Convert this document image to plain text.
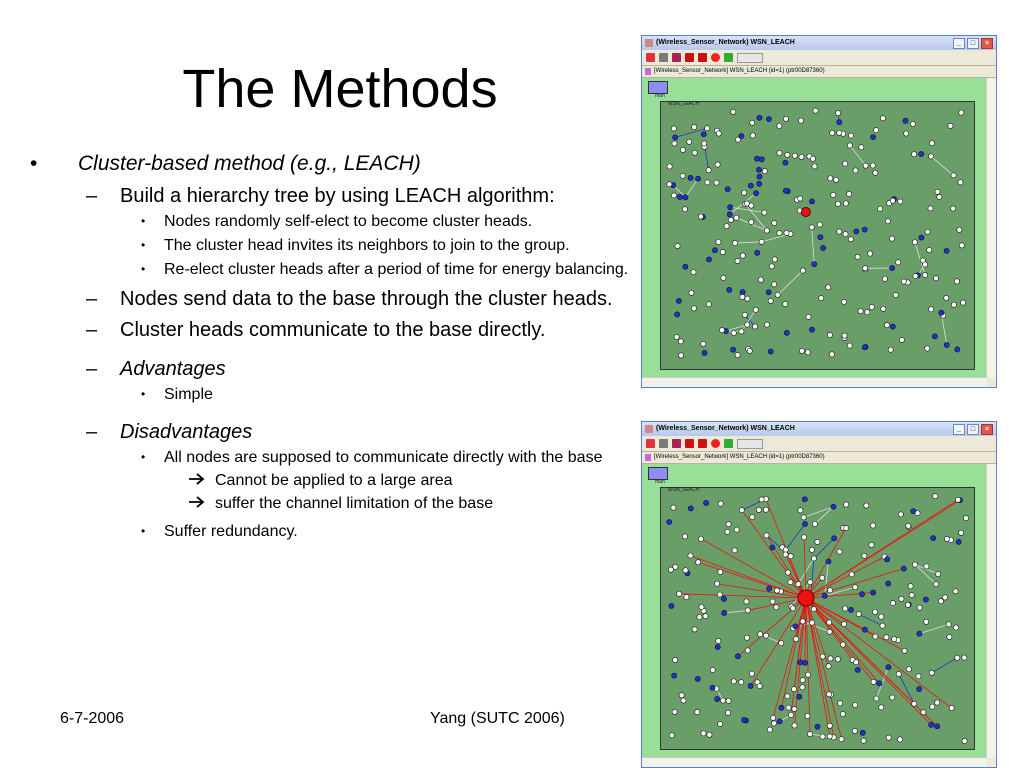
The Methods
• Cluster-based method (e.g., LEACH)
– Build a hierarchy tree by using LEACH algorithm:
• Nodes randomly self-elect to become cluster heads.
• The cluster head invites its neighbors to join to the group.
• Re-elect cluster heads after a period of time for energy balancing.
– Nodes send data to the base through the cluster heads.
– Cluster heads communicate to the base directly.
– Advantages
• Simple
– Disadvantages
• All nodes are supposed to communicate directly with the base
Cannot be applied to a large area
suffer the channel limitation of the base
• Suffer redundancy.
6-7-2006	Yang (SUTC 2006)
(Wireless_Sensor_Network) WSN_LEACH	_	□	×
[Wireless_Sensor_Network] WSN_LEACH (id=1) (ptr00D87360)
man
WSN_LEACH
(Wireless_Sensor_Network) WSN_LEACH	_	□	×
[Wireless_Sensor_Network] WSN_LEACH (id=1) (ptr00D87360)
man
WSN_LEACH
